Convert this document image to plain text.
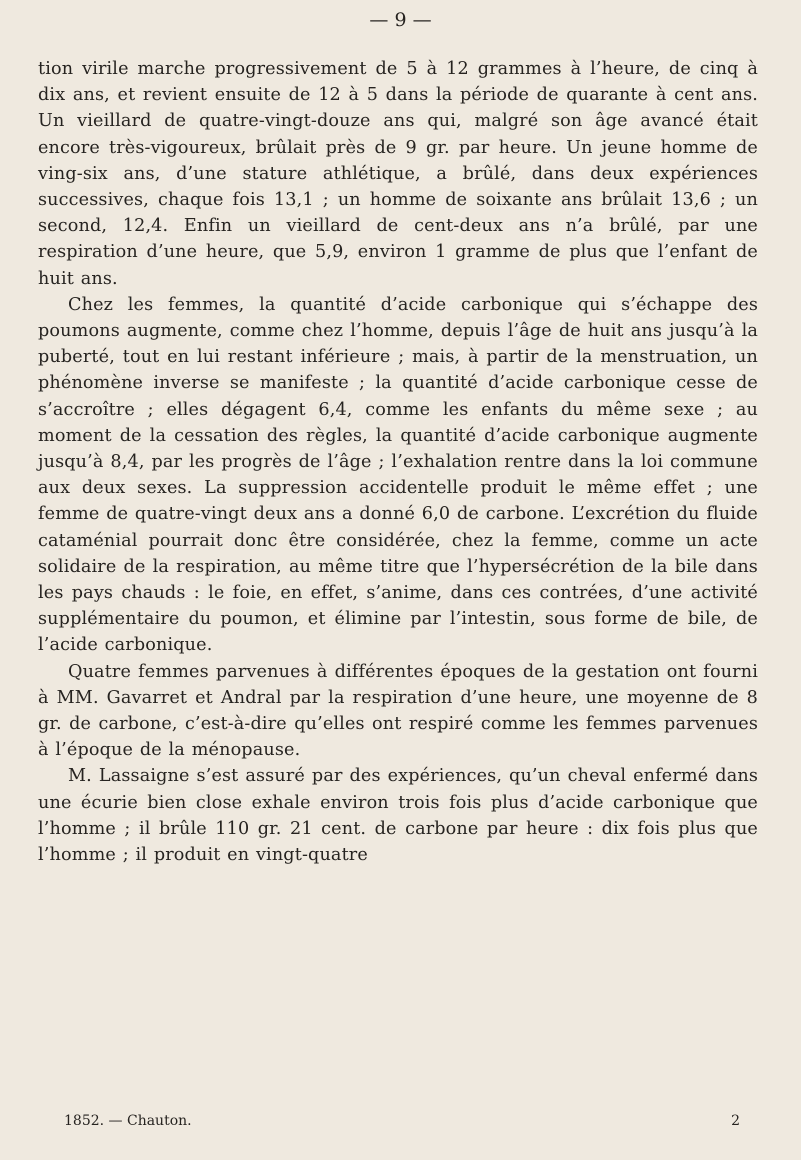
— 9 —

tion virile marche progressivement de 5 à 12 grammes à l’heure, de cinq à dix ans, et revient ensuite de 12 à 5 dans la période de quarante à cent ans. Un vieillard de quatre-vingt-douze ans qui, malgré son âge avancé était encore très-vigoureux, brûlait près de 9 gr. par heure. Un jeune homme de ving-six ans, d’une stature athlétique, a brûlé, dans deux expériences successives, chaque fois 13,1 ; un homme de soixante ans brûlait 13,6 ; un second, 12,4. Enfin un vieillard de cent-deux ans n’a brûlé, par une respiration d’une heure, que 5,9, environ 1 gramme de plus que l’enfant de huit ans.

Chez les femmes, la quantité d’acide carbonique qui s’échappe des poumons augmente, comme chez l’homme, depuis l’âge de huit ans jusqu’à la puberté, tout en lui restant inférieure ; mais, à partir de la menstruation, un phénomène inverse se manifeste ; la quantité d’acide carbonique cesse de s’accroître ; elles dégagent 6,4, comme les enfants du même sexe ; au moment de la cessation des règles, la quantité d’acide carbonique augmente jusqu’à 8,4, par les progrès de l’âge ; l’exhalation rentre dans la loi commune aux deux sexes. La suppression accidentelle produit le même effet ; une femme de quatre-vingt deux ans a donné 6,0 de carbone. L’excrétion du fluide cataménial pourrait donc être considérée, chez la femme, comme un acte solidaire de la respiration, au même titre que l’hypersécrétion de la bile dans les pays chauds : le foie, en effet, s’anime, dans ces contrées, d’une activité supplémentaire du poumon, et élimine par l’intestin, sous forme de bile, de l’acide carbonique.

Quatre femmes parvenues à différentes époques de la gestation ont fourni à MM. Gavarret et Andral par la respiration d’une heure, une moyenne de 8 gr. de carbone, c’est-à-dire qu’elles ont respiré comme les femmes parvenues à l’époque de la ménopause.

M. Lassaigne s’est assuré par des expériences, qu’un cheval enfermé dans une écurie bien close exhale environ trois fois plus d’acide carbonique que l’homme ; il brûle 110 gr. 21 cent. de carbone par heure : dix fois plus que l’homme ; il produit en vingt-quatre

1852. — Chauton.	2
